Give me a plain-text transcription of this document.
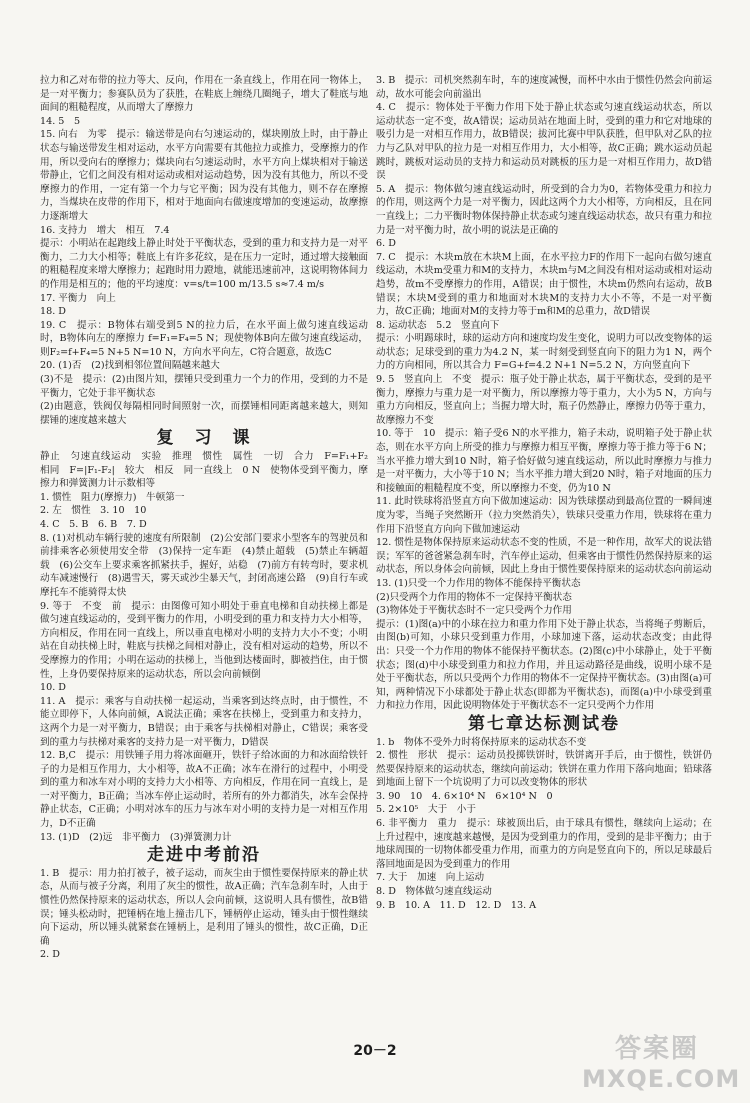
拉力和乙对布带的拉力等大、反向，作用在一条直线上，作用在同一物体上，是一对平衡力；参赛队员为了获胜，在鞋底上缠绕几圈绳子，增大了鞋底与地面间的粗糙程度，从而增大了摩擦力

14. 5　5

15. 向右　为零　提示：输送带是向右匀速运动的，煤块刚放上时，由于静止状态与输送带发生相对运动，水平方向需要有其他拉力或推力，受摩擦力的作用，所以受向右的摩擦力；煤块向右匀速运动时，水平方向上煤块相对于输送带静止，它们之间没有相对运动或相对运动趋势，因为没有其他力，所以不受摩擦力的作用，一定有第一个力与它平衡；因为没有其他力，则不存在摩擦力，当煤块在皮带的作用下，相对于地面向右做速度增加的变速运动，故摩擦力逐渐增大

16. 支持力　增大　相互　7.4

提示：小明站在起跑线上静止时处于平衡状态，受到的重力和支持力是一对平衡力，二力大小相等；鞋底上有许多花纹，是在压力一定时，通过增大接触面的粗糙程度来增大摩擦力；起跑时用力蹬地，就能迅速前冲，这说明物体间力的作用是相互的；他的平均速度：v=s/t=100 m/13.5 s≈7.4 m/s

17. 平衡力　向上

18. D

19. C　提示：B物体右端受到5 N的拉力后，在水平面上做匀速直线运动时，B物体向左的摩擦力 f=F₁=F₄=5 N；现使物体B向左做匀速直线运动，则F₂=f+F₄=5 N+5 N=10 N，方向水平向左，C符合题意，故选C

20. (1)否　(2)找到相邻位置间隔越来越大

(3)不是　提示：(2)由图片知，摆锤只受到重力一个力的作用，受到的力不是平衡力，它处于非平衡状态

(2)由题意，铁阀仅每隔相同时间照射一次，而摆锤相同距离越来越大，则知摆锤的速度越来越大

复　习　课

静止　匀速直线运动　实验　推理　惯性　属性　一切　合力　F=F₁+F₂　相同　F=|F₁-F₂|　较大　相反　同一直线上　0 N　使物体受到平衡力，摩擦力和弹簧测力计示数相等

1. 惯性　阻力(摩擦力)　牛顿第一

2. 左　惯性　3. 10　10

4. C　5. B　6. B　7. D

8. (1)对机动车辆行驶的速度有所限制　(2)公安部门要求小型客车的驾驶员和前排乘客必须使用安全带　(3)保持一定车距　(4)禁止超载　(5)禁止车辆超载　(6)公交车上要求乘客抓紧扶手，握好，站稳　(7)前方有转弯时，要求机动车减速慢行　(8)遇雪天，雾天或沙尘暴天气，封闭高速公路　(9)自行车或摩托车不能骑得太快

9. 等于　不变　前　提示：由图像可知小明处于垂直电梯和自动扶梯上都是做匀速直线运动的，受到平衡力的作用，小明受到的重力和支持力大小相等，方向相反，作用在同一直线上，所以垂直电梯对小明的支持力大小不变；小明站在自动扶梯上时，鞋底与扶梯之间相对静止，没有相对运动的趋势，所以不受摩擦力的作用；小明在运动的扶梯上，当他到达楼面时，脚被挡住，由于惯性，上身仍要保持原来的运动状态，所以会向前倾倒

10. D

11. A　提示：乘客与自动扶梯一起运动，当乘客到达终点时，由于惯性，不能立即停下，人体向前倾，A说法正确；乘客在扶梯上，受到重力和支持力，这两个力是一对平衡力，B错误；由于乘客与扶梯相对静止，C错误；乘客受到的重力与扶梯对乘客的支持力是一对平衡力，D错误

12. B,C　提示：用铁锤子用力将冰面砸开，铁钎子给冰面的力和冰面给铁钎子的力是相互作用力，大小相等，故A不正确；冰车在滑行的过程中，小明受到的重力和冰车对小明的支持力大小相等、方向相反，作用在同一直线上，是一对平衡力，B正确；当冰车停止运动时，若所有的外力都消失，冰车会保持静止状态，C正确；小明对冰车的压力与冰车对小明的支持力是一对相互作用力，D不正确

13. (1)D　(2)远　非平衡力　(3)弹簧测力计

走进中考前沿

1. B　提示：用力拍打被子，被子运动，而灰尘由于惯性要保持原来的静止状态，从而与被子分离，利用了灰尘的惯性，故A正确；汽车急刹车时，人由于惯性仍然保持原来的运动状态，所以人会向前倾，这说明人具有惯性，故B错误；锤头松动时，把锤柄在地上撞击几下，锤柄停止运动，锤头由于惯性继续向下运动，所以锤头就紧套在锤柄上，是利用了锤头的惯性，故C正确，D正确

2. D

3. B　提示：司机突然刹车时，车的速度减慢，而杯中水由于惯性仍然会向前运动，故水可能会向前溢出

4. C　提示：物体处于平衡力作用下处于静止状态或匀速直线运动状态，所以运动状态一定不变，故A错误；运动员站在地面上时，受到的重力和它对地球的吸引力是一对相互作用力，故B错误；拔河比赛中甲队获胜，但甲队对乙队的拉力与乙队对甲队的拉力是一对相互作用力，大小相等，故C正确；跳水运动员起跳时，跳板对运动员的支持力和运动员对跳板的压力是一对相互作用力，故D错误

5. A　提示：物体做匀速直线运动时，所受到的合力为0，若物体受重力和拉力的作用，则这两个力是一对平衡力，因此这两个力大小相等，方向相反，且在同一直线上；二力平衡时物体保持静止状态或匀速直线运动状态，故只有重力和拉力是一对平衡力时，故小明的说法是正确的

6. D

7. C　提示：木块m放在木块M上面，在水平拉力F的作用下一起向右做匀速直线运动，木块m受重力和M的支持力，木块m与M之间没有相对运动或相对运动趋势，故m不受摩擦力的作用，A错误；由于惯性，木块m仍然向右运动，故B错误；木块M受到的重力和地面对木块M的支持力大小不等，不是一对平衡力，故C正确；地面对M的支持力等于m和M的总重力，故D错误

8. 运动状态　5.2　竖直向下

提示：小明踢球时，球的运动方向和速度均发生变化，说明力可以改变物体的运动状态；足球受到的重力为4.2 N，某一时刻受到竖直向下的阻力为1 N，两个力的方向相同，所以其合力 F=G+f=4.2 N+1 N=5.2 N，方向竖直向下

9. 5　竖直向上　不变　提示：瓶子处于静止状态，属于平衡状态，受到的是平衡力，摩擦力与重力是一对平衡力，所以摩擦力等于重力，大小为5 N，方向与重力方向相反，竖直向上；当握力增大时，瓶子仍然静止，摩擦力仍等于重力，故摩擦力不变

10. 等于　10　提示：箱子受6 N的水平推力，箱子未动，说明箱子处于静止状态，则在水平方向上所受的推力与摩擦力相互平衡，摩擦力等于推力等于6 N；当水平推力增大到10 N时，箱子恰好做匀速直线运动，所以此时摩擦力与推力是一对平衡力，大小等于10 N；当水平推力增大到20 N时，箱子对地面的压力和接触面的粗糙程度不变，所以摩擦力不变，仍为10 N

11. 此时铁球将沿竖直方向下做加速运动：因为铁球摆动到最高位置的一瞬间速度为零，当绳子突然断开（拉力突然消失），铁球只受重力作用，铁球将在重力作用下沿竖直方向向下做加速运动

12. 惯性是物体保持原来运动状态不变的性质，不是一种作用，故军犬的说法错误；军军的爸爸紧急刹车时，汽车停止运动，但乘客由于惯性仍然保持原来的运动状态，所以身体会向前倾，因此上身由于惯性要保持原来的运动状态向前运动

13. (1)只受一个力作用的物体不能保持平衡状态

(2)只受两个力作用的物体不一定保持平衡状态

(3)物体处于平衡状态时不一定只受两个力作用

提示：(1)图(a)中的小球在拉力和重力作用下处于静止状态，当将绳子剪断后，由图(b)可知，小球只受到重力作用，小球加速下落，运动状态改变；由此得出：只受一个力作用的物体不能保持平衡状态。(2)图(c)中小球静止，处于平衡状态；图(d)中小球受到重力和拉力作用，并且运动路径是曲线，说明小球不是处于平衡状态，所以只受两个力作用的物体不一定保持平衡状态。(3)由图(a)可知，两种情况下小球都处于静止状态(即都为平衡状态)，而图(a)中小球受到重力和拉力作用，因此说明物体处于平衡状态不一定只受两个力作用

第七章达标测试卷

1. b　物体不受外力时将保持原来的运动状态不变

2. 惯性　形状　提示：运动员投掷铁饼时，铁饼离开手后，由于惯性，铁饼仍然要保持原来的运动状态，继续向前运动；铁饼在重力作用下落向地面；铅球落到地面上留下一个坑说明了力可以改变物体的形状

3. 90　10　4. 6×10⁴ N　6×10⁴ N　0

5. 2×10⁵　大于　小于

6. 非平衡力　重力　提示：球被顶出后，由于球具有惯性，继续向上运动；在上升过程中，速度越来越慢，是因为受到重力的作用，受到的是非平衡力；由于地球周围的一切物体都受重力作用，而重力的方向是竖直向下的，所以足球最后落回地面是因为受到重力的作用

7. 大于　加速　向上运动

8. D　物体做匀速直线运动

9. B　10. A　11. D　12. D　13. A

20－2	答案圈
MXQE.COM
